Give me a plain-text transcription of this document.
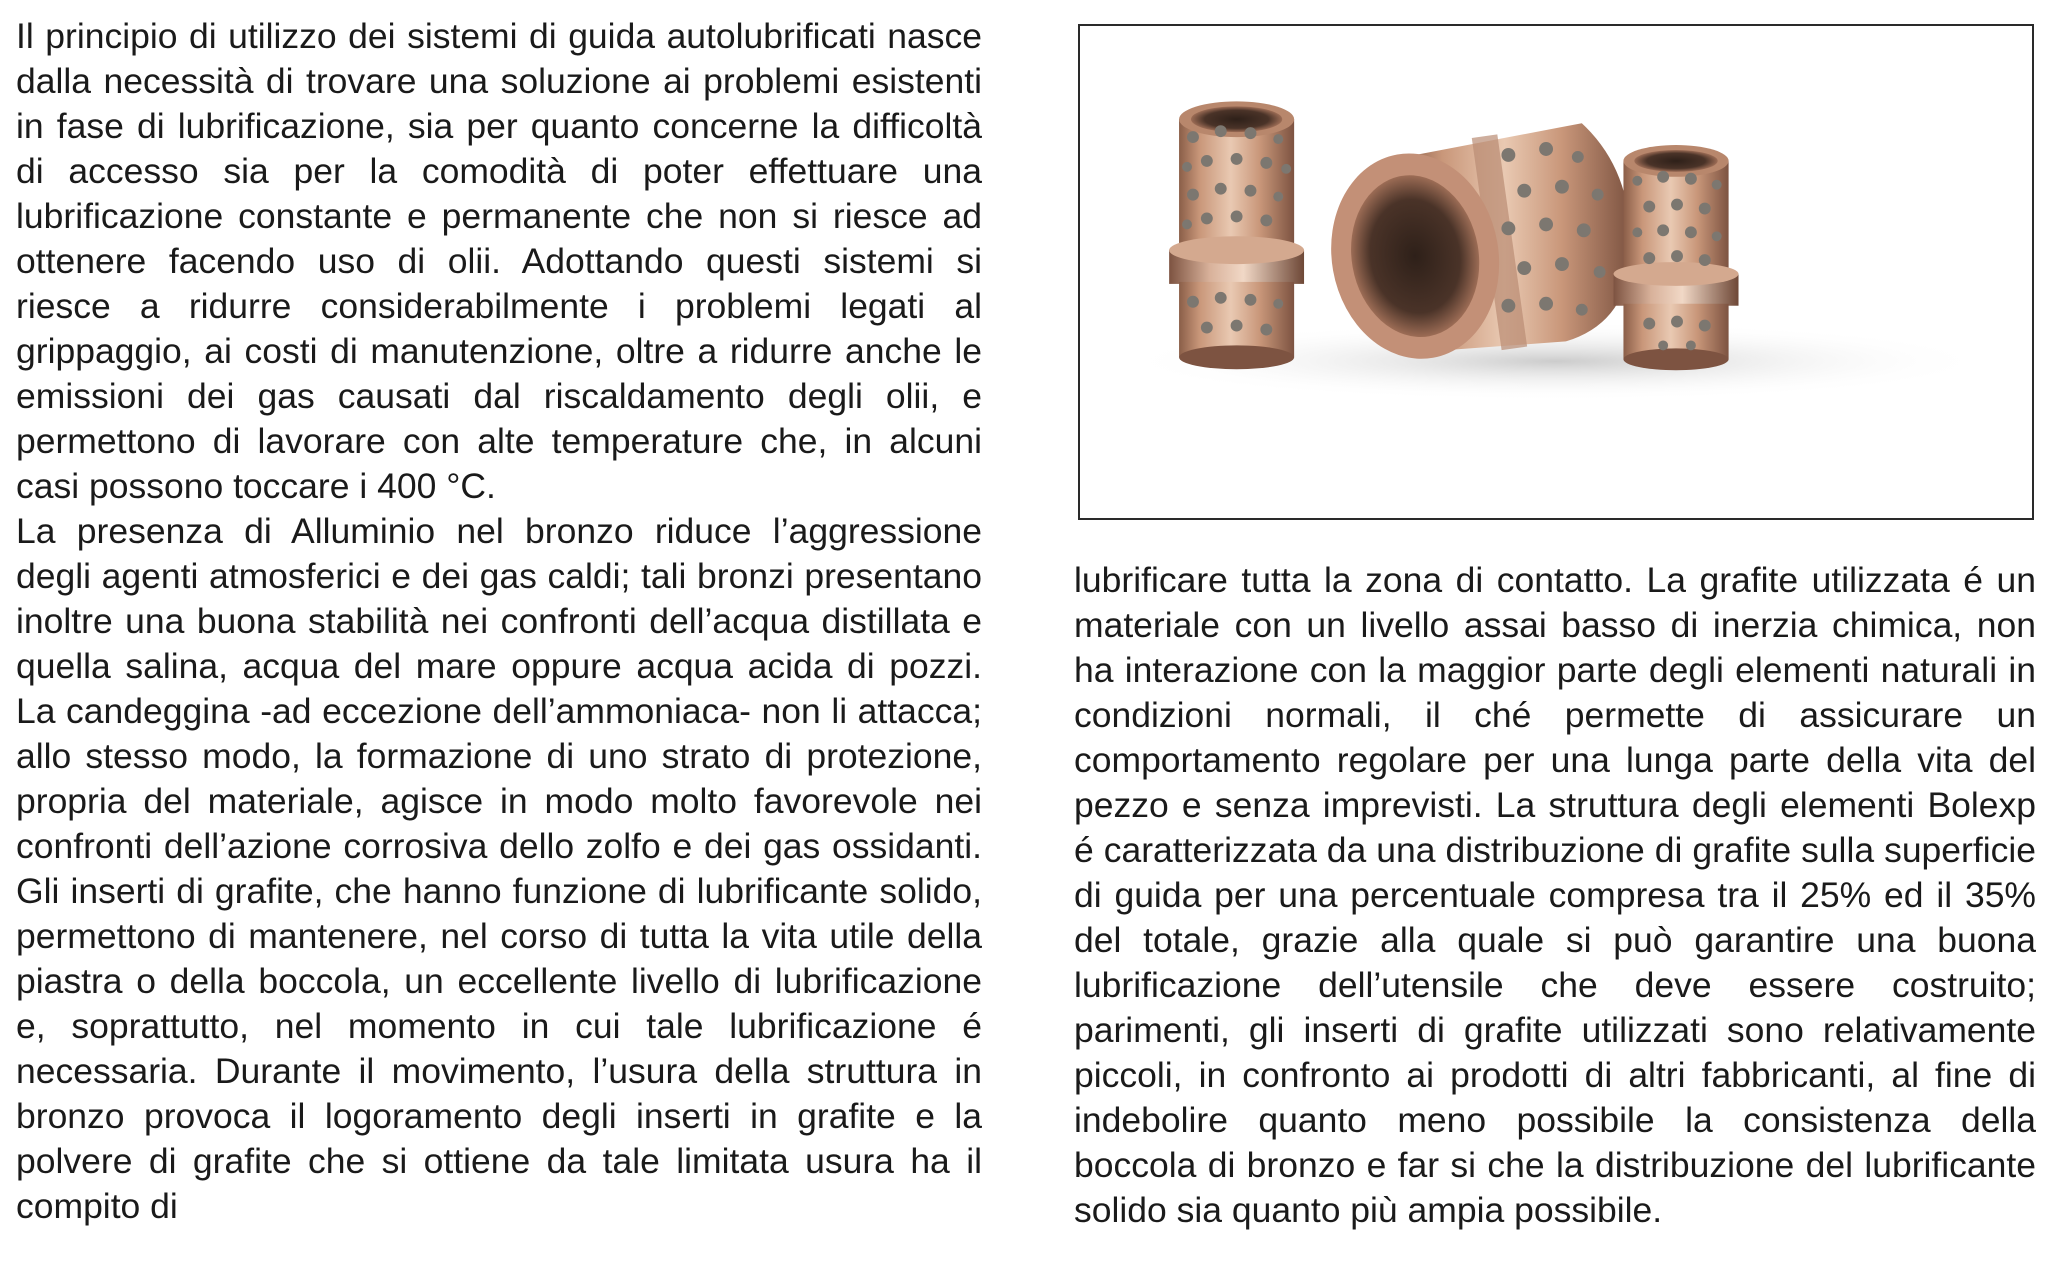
Il principio di utilizzo dei sistemi di guida autolubrificati nasce dalla necessità di trovare una soluzione ai problemi esistenti in fase di lubrificazione, sia per quanto concerne la difficoltà di accesso sia per la comodità di poter effettuare una lubrificazione constante e permanente che non si riesce ad ottenere facendo uso di olii. Adottando questi sistemi si riesce a ridurre considerabilmente i problemi legati al grippaggio, ai costi di manutenzione, oltre a ridurre anche le emissioni dei gas causati dal riscaldamento degli olii, e permettono di lavorare con alte temperature che, in alcuni casi possono toccare i 400 °C.

La presenza di Alluminio nel bronzo riduce l’aggressione degli agenti atmosferici e dei gas caldi; tali bronzi presentano inoltre una buona stabilità nei confronti dell’acqua distillata e quella salina, acqua del mare oppure acqua acida di pozzi. La candeggina -ad eccezione dell’ammoniaca- non li attacca; allo stesso modo, la formazione di uno strato di protezione, propria del materiale, agisce in modo molto favorevole nei confronti dell’azione corrosiva dello zolfo e dei gas ossidanti. Gli inserti di grafite, che hanno funzione di lubrificante solido, permettono di mantenere, nel corso di tutta la vita utile della piastra o della boccola, un eccellente livello di lubrificazione e, soprattutto, nel momento in cui tale lubrificazione é necessaria. Durante il movimento, l’usura della struttura in bronzo provoca il logoramento degli inserti in grafite e la polvere di grafite che si ottiene da tale limitata usura ha il compito di

lubrificare tutta la zona di contatto. La grafite utilizzata é un materiale con un livello assai basso di inerzia chimica, non ha interazione con la maggior parte degli elementi naturali in condizioni normali, il ché permette di assicurare un comportamento regolare per una lunga parte della vita del pezzo e senza imprevisti. La struttura degli elementi Bolexp é caratterizzata da una distribuzione di grafite sulla superficie di guida per una percentuale compresa tra il 25% ed il 35% del totale, grazie alla quale si può garantire una buona lubrificazione dell’utensile che deve essere costruito; parimenti, gli inserti di grafite utilizzati sono relativamente piccoli, in confronto ai prodotti di altri fabbricanti, al fine di indebolire quanto meno possibile la consistenza della boccola di bronzo e far si che la distribuzione del lubrificante solido sia quanto più ampia possibile.
